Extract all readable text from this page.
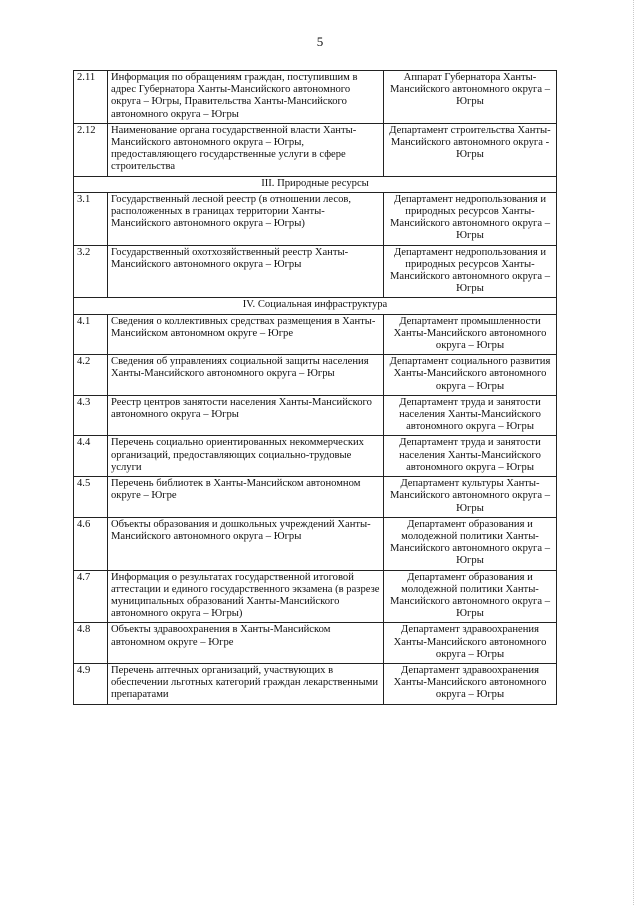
5
2.11	Информация по обращениям граждан, поступившим в адрес Губернатора Ханты-Мансийского автономного округа – Югры, Правительства Ханты-Мансийского автономного округа – Югры	Аппарат Губернатора Ханты-Мансийского автономного округа – Югры
2.12	Наименование органа государственной власти Ханты-Мансийского автономного округа – Югры, предоставляющего государственные услуги в сфере строительства	Департамент строительства Ханты-Мансийского автономного округа - Югры
III. Природные ресурсы		
3.1	Государственный лесной реестр (в отношении лесов, расположенных в границах территории Ханты-Мансийского автономного округа – Югры)	Департамент недропользования и природных ресурсов Ханты-Мансийского автономного округа – Югры
3.2	Государственный охотхозяйственный реестр Ханты-Мансийского автономного округа – Югры	Департамент недропользования и природных ресурсов Ханты-Мансийского автономного округа – Югры
IV. Социальная инфраструктура		
4.1	Сведения о коллективных средствах размещения в Ханты-Мансийском автономном округе – Югре	Департамент промышленности Ханты-Мансийского автономного округа – Югры
4.2	Сведения об управлениях социальной защиты населения Ханты-Мансийского автономного округа – Югры	Департамент социального развития Ханты-Мансийского автономного округа – Югры
4.3	Реестр центров занятости населения Ханты-Мансийского автономного округа – Югры	Департамент труда и занятости населения Ханты-Мансийского автономного округа – Югры
4.4	Перечень социально ориентированных некоммерческих организаций, предоставляющих социально-трудовые услуги	Департамент труда и занятости населения Ханты-Мансийского автономного округа – Югры
4.5	Перечень библиотек в Ханты-Мансийском автономном округе – Югре	Департамент культуры Ханты-Мансийского автономного округа – Югры
4.6	Объекты образования и дошкольных учреждений Ханты-Мансийского автономного округа – Югры	Департамент образования и молодежной политики Ханты-Мансийского автономного округа – Югры
4.7	Информация о результатах государственной итоговой аттестации и единого государственного экзамена (в разрезе муниципальных образований Ханты-Мансийского автономного округа – Югры)	Департамент образования и молодежной политики Ханты-Мансийского автономного округа – Югры
4.8	Объекты здравоохранения в Ханты-Мансийском автономном округе – Югре	Департамент здравоохранения Ханты-Мансийского автономного округа – Югры
4.9	Перечень аптечных организаций, участвующих в обеспечении льготных категорий граждан лекарственными препаратами	Департамент здравоохранения Ханты-Мансийского автономного округа – Югры
